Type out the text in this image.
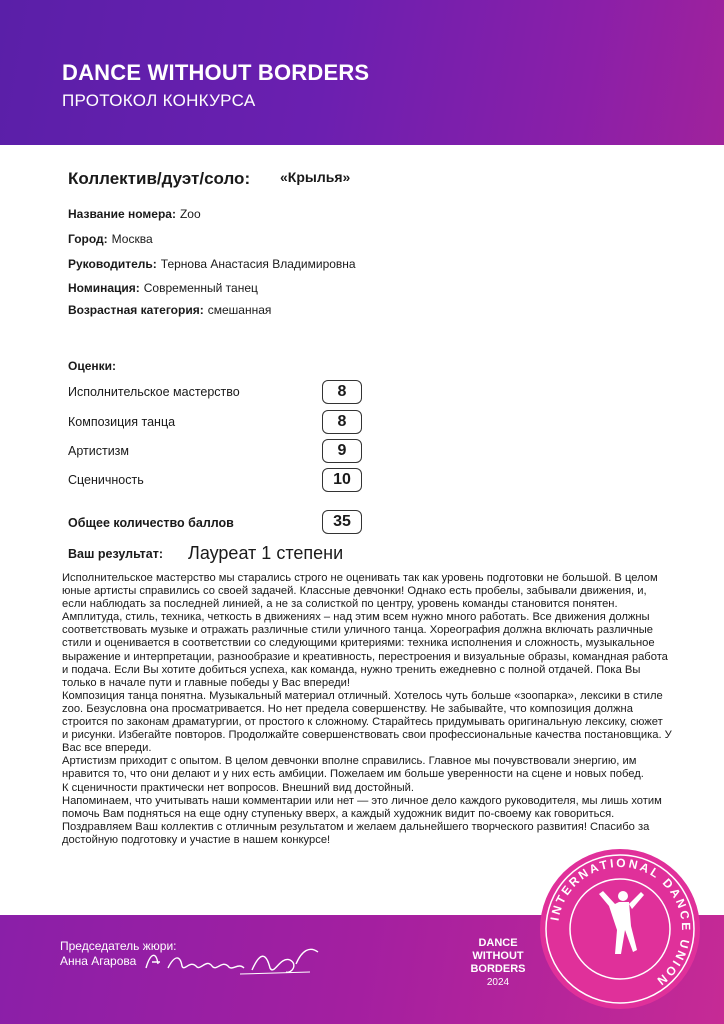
DANCE WITHOUT BORDERS
ПРОТОКОЛ КОНКУРСА
Коллектив/дуэт/соло: «Крылья»
Название номера: Zoo
Город: Москва
Руководитель: Тернова Анастасия Владимировна
Номинация: Современный танец
Возрастная категория: смешанная
Оценки:
Исполнительское мастерство	8
Композиция танца	8
Артистизм	9
Сценичность	10
Общее количество баллов	35
Ваш результат: Лауреат 1 степени

Исполнительское мастерство мы старались строго не оценивать так как уровень подготовки не большой. В целом юные артисты справились со своей задачей. Классные девчонки! Однако есть пробелы, забывали движения, и, если наблюдать за последней линией, а не за солисткой по центру, уровень команды становится понятен. Амплитуда, стиль, техника, четкость в движениях – над этим всем нужно много работать. Все движения должны соответствовать музыке и отражать различные стили уличного танца. Хореография должна включать различные стили и оценивается в соответствии со следующими критериями: техника исполнения и сложность, музыкальное выражение и интерпретации, разнообразие и креативность, перестроения и визуальные образы, командная работа и подача. Если Вы хотите добиться успеха, как команда, нужно тренить ежедневно с полной отдачей. Пока Вы только в начале пути и главные победы у Вас впереди!

Композиция танца понятна. Музыкальный материал отличный. Хотелось чуть больше «зоопарка», лексики в стиле zoo. Безусловна она просматривается. Но нет предела совершенству. Не забывайте, что композиция должна строится по законам драматургии, от простого к сложному. Старайтесь придумывать оригинальную лексику, сюжет и рисунки. Избегайте повторов. Продолжайте совершенствовать свои профессиональные качества постановщика. У Вас все впереди.

Артистизм приходит с опытом. В целом девчонки вполне справились. Главное мы почувствовали энергию, им нравится то, что они делают и у них есть амбиции. Пожелаем им больше уверенности на сцене и новых побед.

К сценичности практически нет вопросов. Внешний вид достойный.

Напоминаем, что учитывать наши комментарии или нет — это личное дело каждого руководителя, мы лишь хотим помочь Вам подняться на еще одну ступеньку вверх, а каждый художник видит по-своему как говориться. Поздравляем Ваш коллектив с отличным результатом и желаем дальнейшего творческого развития! Спасибо за достойную подготовку и участие в нашем конкурсе!

Председатель жюри:
Анна Агарова
DANCE
WITHOUT
BORDERS
2024
INTERNATIONAL DANCE UNION
